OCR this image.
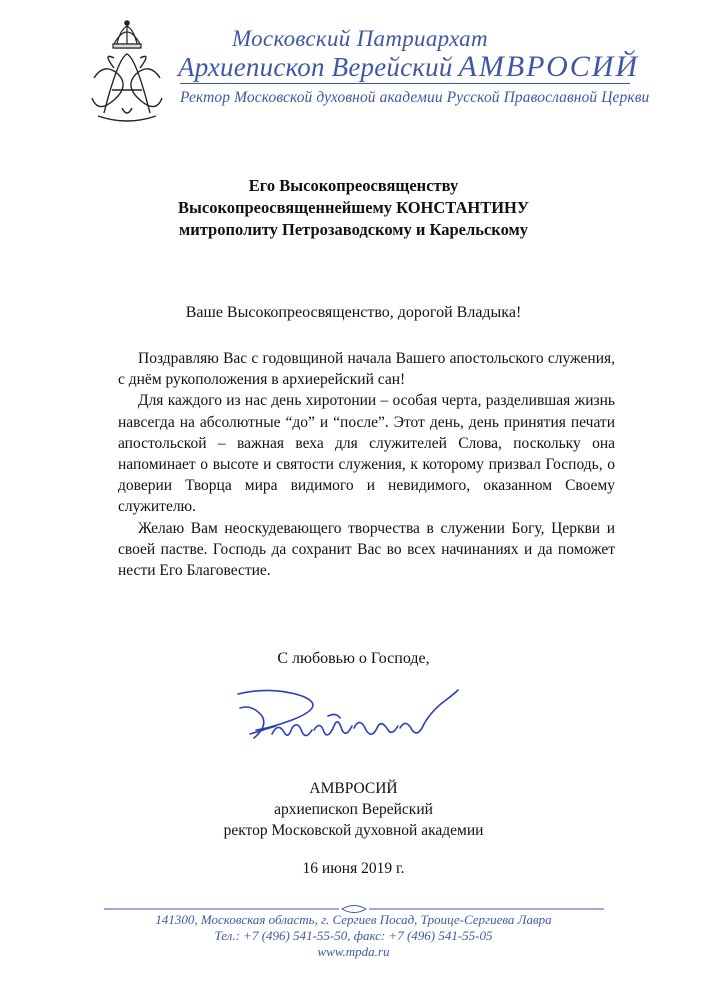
Московский Патриархат
Архиепископ Верейский АМВРОСИЙ
Ректор Московской духовной академии Русской Православной Церкви
Его Высокопреосвященству
Высокопреосвященнейшему КОНСТАНТИНУ
митрополиту Петрозаводскому и Карельскому
Ваше Высокопреосвященство, дорогой Владыка!

Поздравляю Вас с годовщиной начала Вашего апостольского служения, с днём рукоположения в архиерейский сан!

Для каждого из нас день хиротонии – особая черта, разделившая жизнь навсегда на абсолютные “до” и “после”. Этот день, день принятия печати апостольской – важная веха для служителей Слова, поскольку она напоминает о высоте и святости служения, к которому призвал Господь, о доверии Творца мира видимого и невидимого, оказанном Своему служителю.

Желаю Вам неоскудевающего творчества в служении Богу, Церкви и своей пастве. Господь да сохранит Вас во всех начинаниях и да поможет нести Его Благовестие.

С любовью о Господе,
АМВРОСИЙ
архиепископ Верейский
ректор Московской духовной академии
16 июня 2019 г.
141300, Московская область, г. Сергиев Посад, Троице-Сергиева Лавра
Тел.: +7 (496) 541-55-50, факс: +7 (496) 541-55-05
www.mpda.ru
